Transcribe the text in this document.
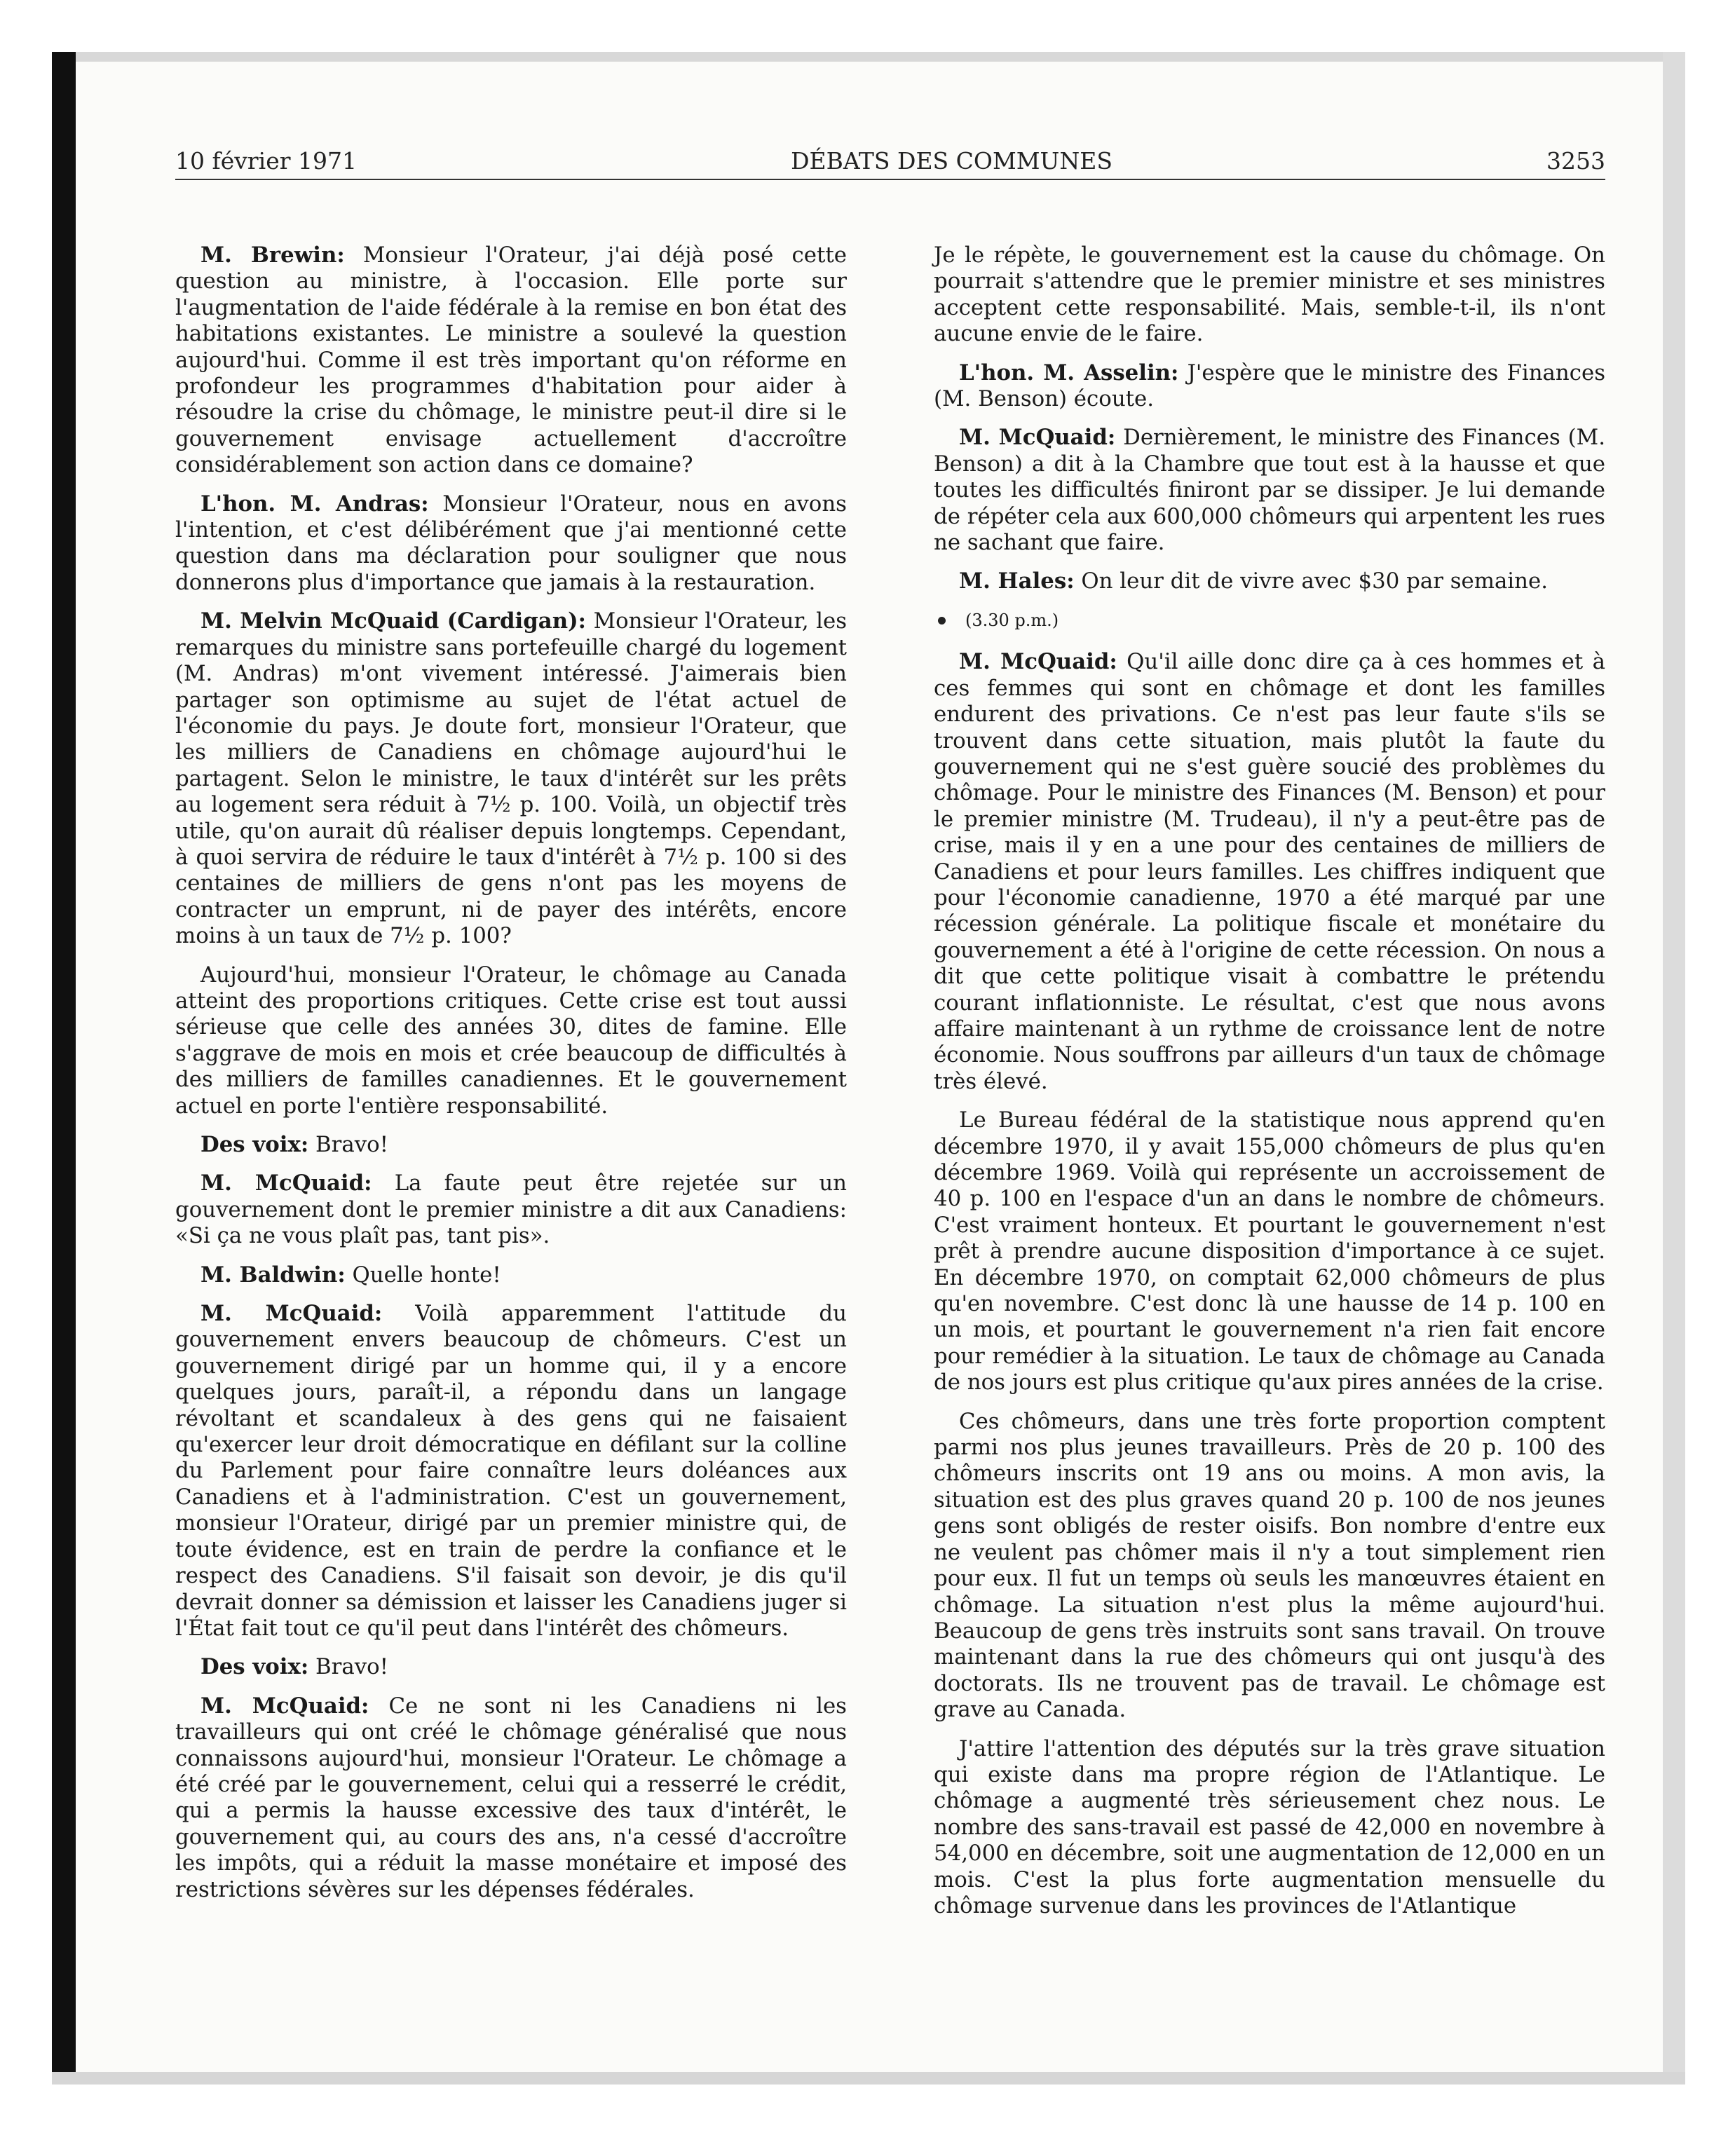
10 février 1971	DÉBATS DES COMMUNES	3253

M. Brewin: Monsieur l'Orateur, j'ai déjà posé cette question au ministre, à l'occasion. Elle porte sur l'augmentation de l'aide fédérale à la remise en bon état des habitations existantes. Le ministre a soulevé la question aujourd'hui. Comme il est très important qu'on réforme en profondeur les programmes d'habitation pour aider à résoudre la crise du chômage, le ministre peut-il dire si le gouvernement envisage actuellement d'accroître considérablement son action dans ce domaine?

L'hon. M. Andras: Monsieur l'Orateur, nous en avons l'intention, et c'est délibérément que j'ai mentionné cette question dans ma déclaration pour souligner que nous donnerons plus d'importance que jamais à la restauration.

M. Melvin McQuaid (Cardigan): Monsieur l'Orateur, les remarques du ministre sans portefeuille chargé du logement (M. Andras) m'ont vivement intéressé. J'aimerais bien partager son optimisme au sujet de l'état actuel de l'économie du pays. Je doute fort, monsieur l'Orateur, que les milliers de Canadiens en chômage aujourd'hui le partagent. Selon le ministre, le taux d'intérêt sur les prêts au logement sera réduit à 7½ p. 100. Voilà, un objectif très utile, qu'on aurait dû réaliser depuis longtemps. Cependant, à quoi servira de réduire le taux d'intérêt à 7½ p. 100 si des centaines de milliers de gens n'ont pas les moyens de contracter un emprunt, ni de payer des intérêts, encore moins à un taux de 7½ p. 100?

Aujourd'hui, monsieur l'Orateur, le chômage au Canada atteint des proportions critiques. Cette crise est tout aussi sérieuse que celle des années 30, dites de famine. Elle s'aggrave de mois en mois et crée beaucoup de difficultés à des milliers de familles canadiennes. Et le gouvernement actuel en porte l'entière responsabilité.

Des voix: Bravo!

M. McQuaid: La faute peut être rejetée sur un gouvernement dont le premier ministre a dit aux Canadiens: «Si ça ne vous plaît pas, tant pis».

M. Baldwin: Quelle honte!

M. McQuaid: Voilà apparemment l'attitude du gouvernement envers beaucoup de chômeurs. C'est un gouvernement dirigé par un homme qui, il y a encore quelques jours, paraît-il, a répondu dans un langage révoltant et scandaleux à des gens qui ne faisaient qu'exercer leur droit démocratique en défilant sur la colline du Parlement pour faire connaître leurs doléances aux Canadiens et à l'administration. C'est un gouvernement, monsieur l'Orateur, dirigé par un premier ministre qui, de toute évidence, est en train de perdre la confiance et le respect des Canadiens. S'il faisait son devoir, je dis qu'il devrait donner sa démission et laisser les Canadiens juger si l'État fait tout ce qu'il peut dans l'intérêt des chômeurs.

Des voix: Bravo!

M. McQuaid: Ce ne sont ni les Canadiens ni les travailleurs qui ont créé le chômage généralisé que nous connaissons aujourd'hui, monsieur l'Orateur. Le chômage a été créé par le gouvernement, celui qui a resserré le crédit, qui a permis la hausse excessive des taux d'intérêt, le gouvernement qui, au cours des ans, n'a cessé d'accroître les impôts, qui a réduit la masse monétaire et imposé des restrictions sévères sur les dépenses fédérales.

Je le répète, le gouvernement est la cause du chômage. On pourrait s'attendre que le premier ministre et ses ministres acceptent cette responsabilité. Mais, semble-t-il, ils n'ont aucune envie de le faire.

L'hon. M. Asselin: J'espère que le ministre des Finances (M. Benson) écoute.

M. McQuaid: Dernièrement, le ministre des Finances (M. Benson) a dit à la Chambre que tout est à la hausse et que toutes les difficultés finiront par se dissiper. Je lui demande de répéter cela aux 600,000 chômeurs qui arpentent les rues ne sachant que faire.

M. Hales: On leur dit de vivre avec $30 par semaine.

(3.30 p.m.)

M. McQuaid: Qu'il aille donc dire ça à ces hommes et à ces femmes qui sont en chômage et dont les familles endurent des privations. Ce n'est pas leur faute s'ils se trouvent dans cette situation, mais plutôt la faute du gouvernement qui ne s'est guère soucié des problèmes du chômage. Pour le ministre des Finances (M. Benson) et pour le premier ministre (M. Trudeau), il n'y a peut-être pas de crise, mais il y en a une pour des centaines de milliers de Canadiens et pour leurs familles. Les chiffres indiquent que pour l'économie canadienne, 1970 a été marqué par une récession générale. La politique fiscale et monétaire du gouvernement a été à l'origine de cette récession. On nous a dit que cette politique visait à combattre le prétendu courant inflationniste. Le résultat, c'est que nous avons affaire maintenant à un rythme de croissance lent de notre économie. Nous souffrons par ailleurs d'un taux de chômage très élevé.

Le Bureau fédéral de la statistique nous apprend qu'en décembre 1970, il y avait 155,000 chômeurs de plus qu'en décembre 1969. Voilà qui représente un accroissement de 40 p. 100 en l'espace d'un an dans le nombre de chômeurs. C'est vraiment honteux. Et pourtant le gouvernement n'est prêt à prendre aucune disposition d'importance à ce sujet. En décembre 1970, on comptait 62,000 chômeurs de plus qu'en novembre. C'est donc là une hausse de 14 p. 100 en un mois, et pourtant le gouvernement n'a rien fait encore pour remédier à la situation. Le taux de chômage au Canada de nos jours est plus critique qu'aux pires années de la crise.

Ces chômeurs, dans une très forte proportion comptent parmi nos plus jeunes travailleurs. Près de 20 p. 100 des chômeurs inscrits ont 19 ans ou moins. A mon avis, la situation est des plus graves quand 20 p. 100 de nos jeunes gens sont obligés de rester oisifs. Bon nombre d'entre eux ne veulent pas chômer mais il n'y a tout simplement rien pour eux. Il fut un temps où seuls les manœuvres étaient en chômage. La situation n'est plus la même aujourd'hui. Beaucoup de gens très instruits sont sans travail. On trouve maintenant dans la rue des chômeurs qui ont jusqu'à des doctorats. Ils ne trouvent pas de travail. Le chômage est grave au Canada.

J'attire l'attention des députés sur la très grave situation qui existe dans ma propre région de l'Atlantique. Le chômage a augmenté très sérieusement chez nous. Le nombre des sans-travail est passé de 42,000 en novembre à 54,000 en décembre, soit une augmentation de 12,000 en un mois. C'est la plus forte augmentation mensuelle du chômage survenue dans les provinces de l'Atlantique
